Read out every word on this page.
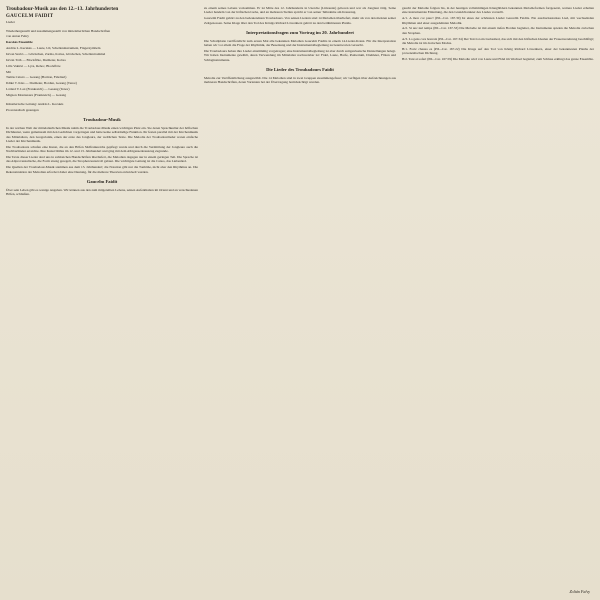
Troubadour-Musik aus den 12.–13. Jahrhunderten
GAUCELM FAIDIT

Lieder

Wiederhergestellt und zusammengestellt von mittelalterlichen Handschriften

von Anton Fehry

Kecskés Ensemble

András L. Kecskés — Laute, Ud, Schelleninstrument, Fingerzymbeln

Istvan Szabó — Glöckchen, Zarma, Kobsa, Glöckchen, Schellentrommel

István Tóth — Blockflöte, Drehleier, Kobsa

Lilla Vaktrié — Lyra, Rebec, Blockflöte

Mit

Tamás Csiszó — Gesang (Bariton, Fidelieri)

Ildikó T. Kiss — Drehleier, Bordun, Gesang (Tenor)

Lóránd V. Lax (Frankreich) — Gesang (Tenor)

Mignon Montanaux (Frankreich) — Gesang

Künstlerische Leitung: András L. Kecskés

Provenzalisch gesungen

Troubadour-Musik

In der reichen Welt der mittelalterlichen Musik nahm die Troubadour-Musik einen wichtigen Platz ein. Sie deren Sprachkultur der höfischen Dichtkunst, wenn gemeinsam mit den Gedichten vorgetragen und hatte keine selbständige Funktion. Ihr festen parallel mit der Kirchenmusik des Mittelalters, den Gregorianik, einen der erste des Jongleurs, der weltlichen Texte. Die Melodie der Troubadourlieder waren einfache Lieder der Kirchenmusik.

Die Troubadours schufen eine Kunst, die an den Höfen Südfrankreichs gepflegt wurde und durch die Vermittlung der Jongleure auch die Nachbarländer erreichte. Ihre Kunst blühte im 12. und 13. Jahrhundert und ging mit dem Albigenserkreuzzug zugrunde.

Die Texte dieser Lieder sind uns in zahlreichen Handschriften überliefert, die Melodien dagegen nur in einem geringen Teil. Die Sprache ist das Altprovenzalische, die Form streng geregelt, die Strophen kunstvoll gebaut. Die wichtigste Gattung ist die Canso, das Liebeslied.

Die Quellen der Troubadour-Musik stammen aus dem 13. Jahrhundert; die Notation gibt nur die Tonhöhe, nicht aber den Rhythmus an. Die Rekonstruktion der Melodien erfordert daher eine Deutung, für die mehrere Theorien entwickelt wurden.

Gaucelm Faidit

Über sein Leben gibt es wenige Angaben. Wir können aus den zum mitgeteilten Lebens, seinen Aufenthalten im Orient und an verschiedenen Höfen, schließen.

zu einem seines Lebens vorkommen. Er ist Mitte des 12. Jahrhunderts in Uzerche (Limousin) geboren und war als Jongleur tätig. Seine Lieder handeln von der höfischen Liebe, und an mehreren Stellen spricht er von seiner Teilnahme am Kreuzzug.

Gaucelm Faidit gehört zu den bedeutendsten Troubadours. Von seinen Liedern sind 14 Melodien überliefert, mehr als von den meisten seiner Zeitgenossen. Seine Klage über den Tod des Königs Richard Löwenherz gehört zu den berühmtesten Planhs.

Interpretationsfragen zum Vortrag im 20. Jahrhundert

Die Schallplatte veröffentlicht zum ersten Mal alle bekannten Melodien Gaucelm Faidits in einem 14-Lieder-Kranz. Für die Interpretation haben wir vor allem die Frage der Rhythmik, der Besetzung und der Instrumentalbegleitung zu beantworten versucht.

Die Troubadours haben ihre Lieder einstimmig vorgetragen; eine Instrumentalbegleitung ist aber durch zeitgenössische Darstellungen belegt. Wir haben Instrumente gewählt, deren Verwendung im Mittelalter nachweisbar ist: Fidel, Laute, Harfe, Psalterium, Drehleier, Flöten und Schlaginstrumente.

Die Lieder des Troubadours Faidit

Melodie zur Veröffentlichung ausgewählt. Die 14 Melodien sind in zwei Gruppen zusammengefasst; wir verfügen über Aufzeichnungen aus mehreren Handschriften, deren Varianten bei der Übertragung berücksichtigt wurden.

gaucht der Melodie folgten bis, in der heutigen vollstimmigen Klangbildern bekannten Melodieformen fortgesetzt, weitere Lieder erhalten eine instrumentale Einleitung, die den Grundcharakter des Liedes vorstellt.

A/1. A mon cor pauc! (PiL.-Car. 167.30) Ist eines der schönsten Lieder Gaucelm Faidits. Ein ausdrucksstarkes Lied, mit wechselnden Rhythmen und einer ausgedehnten Melodik.

A/2. Si anc nul temps (PiL.-Car. 167.53) Die Melodie ist mit einem tiefen Bordun begleitet, die Instrumente spielen die Melodie zwischen den Strophen.

A/3. Lo gens cors honratz (PiL.-Car. 167.34) Der Text ist ein Liebeslied, das sich mit den höfischen Idealen der Frauenverehrung beschäftigt; die Melodie ist im dorischen Modus.

B/1. Fortz chausa es (PiL.-Car. 167.22) Die Klage auf den Tod von König Richard Löwenherz, einer der bekanntesten Planhs der provenzalischen Dichtung.

B/2. Tant ai sofert (PiL.-Car. 167.59) Die Melodie wird von Laute und Fidel im Wechsel begleitet; zum Schluss erklingt das ganze Ensemble.

Zoltán Falvy
